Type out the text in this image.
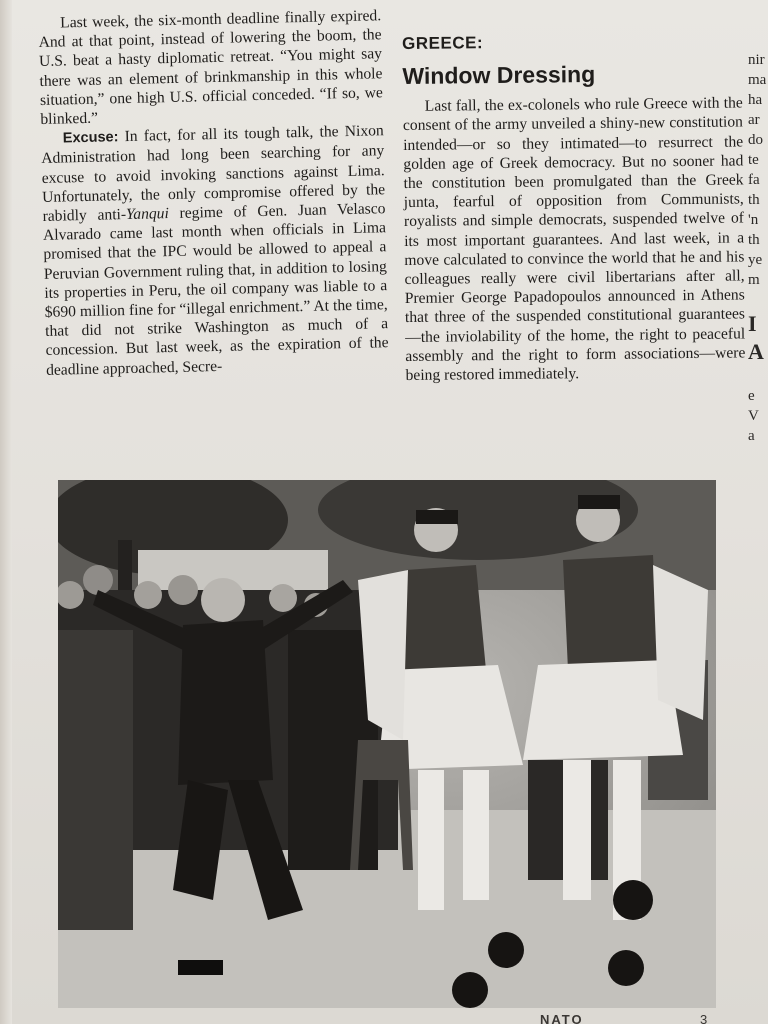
Last week, the six-month deadline finally expired. And at that point, instead of lowering the boom, the U.S. beat a hasty diplomatic retreat. “You might say there was an element of brinkmanship in this whole situation,” one high U.S. official conceded. “If so, we blinked.”

Excuse: In fact, for all its tough talk, the Nixon Administration had long been searching for any excuse to avoid invoking sanctions against Lima. Unfortunately, the only compromise offered by the rabidly anti-Yanqui regime of Gen. Juan Velasco Alvarado came last month when officials in Lima promised that the IPC would be allowed to appeal a Peruvian Government ruling that, in addition to losing its properties in Peru, the oil company was liable to a $690 million fine for “illegal enrichment.” At the time, that did not strike Washington as much of a concession. But last week, as the expiration of the deadline approached, Secre-

GREECE:
Window Dressing

Last fall, the ex-colonels who rule Greece with the consent of the army unveiled a shiny-new constitution intended—or so they intimated—to resurrect the golden age of Greek democracy. But no sooner had the constitution been promulgated than the Greek junta, fearful of opposition from Communists, royalists and simple democrats, suspended twelve of its most important guarantees. And last week, in a move calculated to convince the world that he and his colleagues really were civil libertarians after all, Premier George Papadopoulos announced in Athens that three of the suspended constitutional guarantees—the inviolability of the home, the right to peaceful assembly and the right to form associations—were being restored immediately.

nir
ma
ha
ar
do
te
fa
th
'n
th
ye
m

I
A

e
V
a
NATO	3
